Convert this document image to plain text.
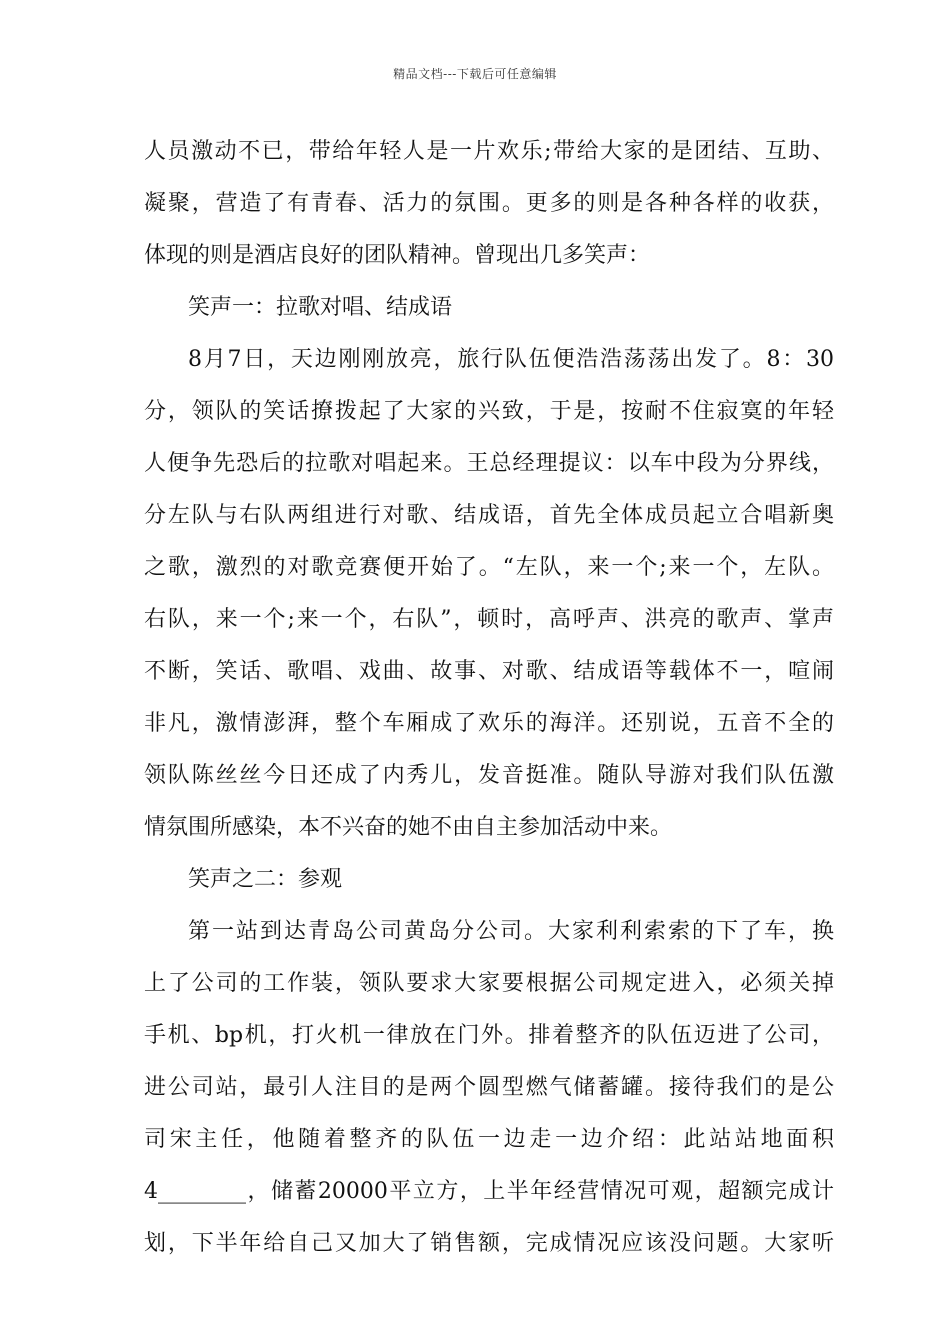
精品文档---下载后可任意编辑
人员激动不已，带给年轻人是一片欢乐;带给大家的是团结、互助、
凝聚，营造了有青春、活力的氛围。更多的则是各种各样的收获，
体现的则是酒店良好的团队精神。曾现出几多笑声：
笑声一：拉歌对唱、结成语
8月7日，天边刚刚放亮，旅行队伍便浩浩荡荡出发了。8：30
分，领队的笑话撩拨起了大家的兴致，于是，按耐不住寂寞的年轻
人便争先恐后的拉歌对唱起来。王总经理提议：以车中段为分界线，
分左队与右队两组进行对歌、结成语，首先全体成员起立合唱新奥
之歌，激烈的对歌竞赛便开始了。“左队，来一个;来一个，左队。
右队，来一个;来一个，右队”，顿时，高呼声、洪亮的歌声、掌声
不断，笑话、歌唱、戏曲、故事、对歌、结成语等载体不一，喧闹
非凡，激情澎湃，整个车厢成了欢乐的海洋。还别说，五音不全的
领队陈丝丝今日还成了内秀儿，发音挺准。随队导游对我们队伍激
情氛围所感染，本不兴奋的她不由自主参加活动中来。
笑声之二：参观
第一站到达青岛公司黄岛分公司。大家利利索索的下了车，换
上了公司的工作装，领队要求大家要根据公司规定进入，必须关掉
手机、bp机，打火机一律放在门外。排着整齐的队伍迈进了公司，
进公司站，最引人注目的是两个圆型燃气储蓄罐。接待我们的是公
司宋主任，他随着整齐的队伍一边走一边介绍：此站站地面积
4________，储蓄20000平立方，上半年经营情况可观，超额完成计
划，下半年给自己又加大了销售额，完成情况应该没问题。大家听
